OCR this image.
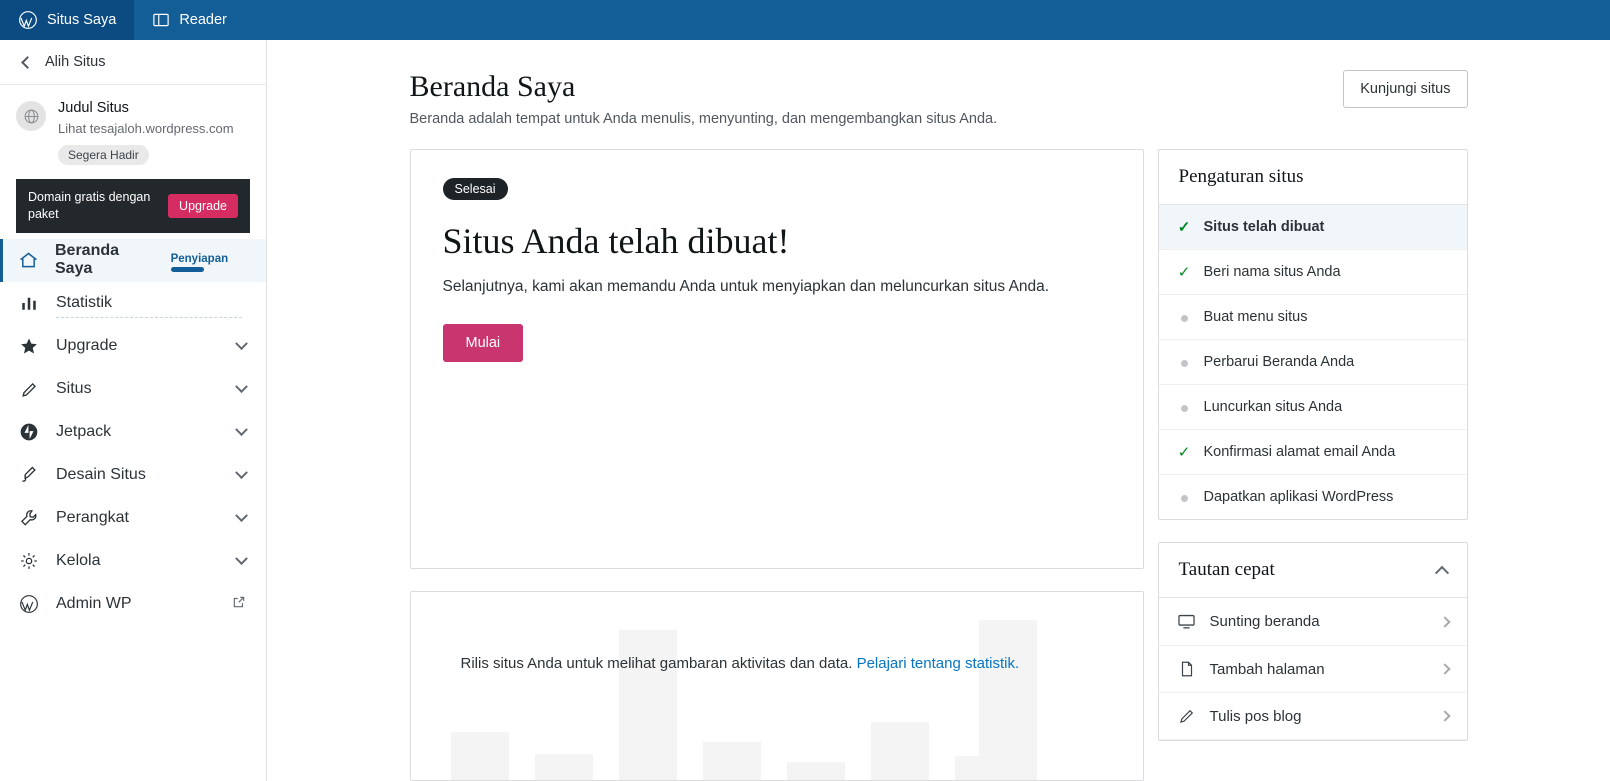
Situs Saya	Reader
Alih Situs
Judul Situs
Lihat tesajaloh.wordpress.com
Segera Hadir
Domain gratis dengan paket
Upgrade
Beranda Saya
Penyiapan
Statistik
Upgrade
Situs
Jetpack
Desain Situs
Perangkat
Kelola
Admin WP
Beranda Saya
Beranda adalah tempat untuk Anda menulis, menyunting, dan mengembangkan situs Anda.
Kunjungi situs
Selesai
Situs Anda telah dibuat!

Selanjutnya, kami akan memandu Anda untuk menyiapkan dan meluncurkan situs Anda.

Mulai
Rilis situs Anda untuk melihat gambaran aktivitas dan data. Pelajari tentang statistik.
Pengaturan situs
✓ Situs telah dibuat
✓ Beri nama situs Anda
Buat menu situs
Perbarui Beranda Anda
Luncurkan situs Anda
✓ Konfirmasi alamat email Anda
Dapatkan aplikasi WordPress
Tautan cepat
Sunting beranda
Tambah halaman
Tulis pos blog
